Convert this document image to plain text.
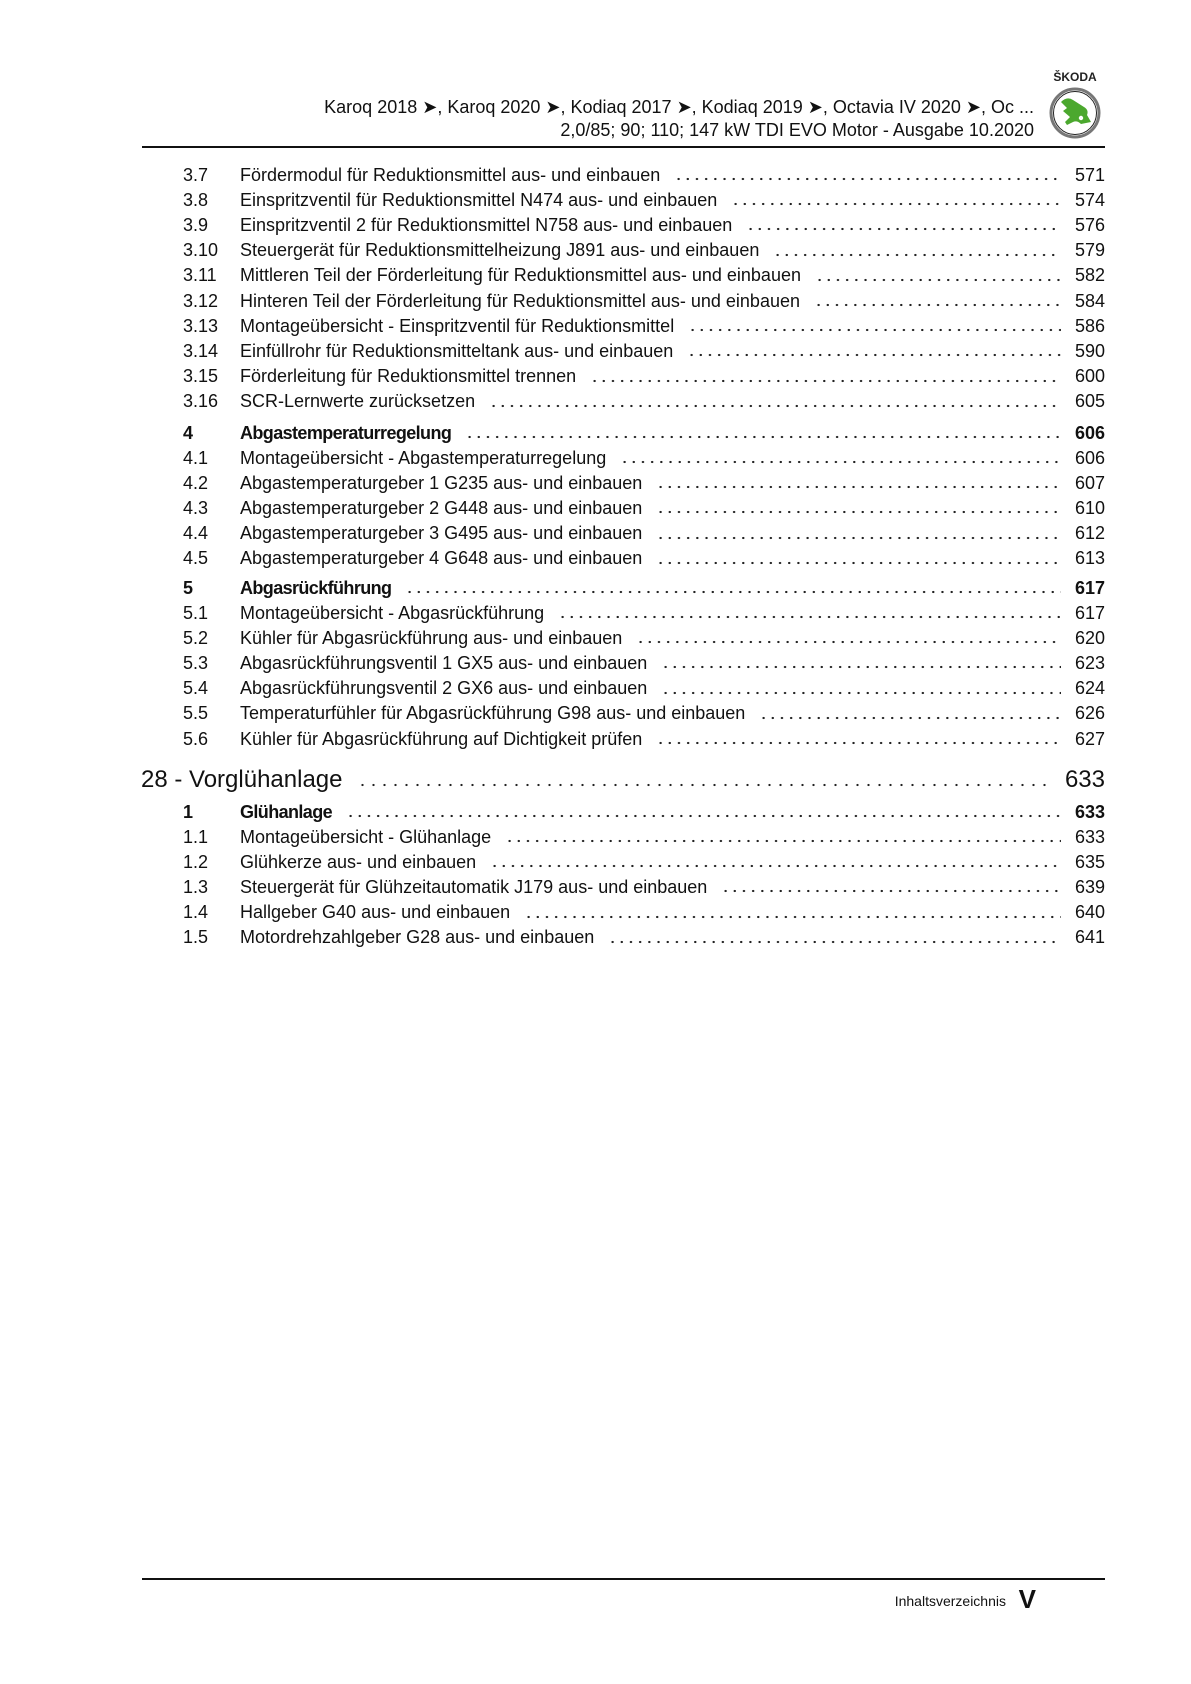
Karoq 2018 ➤, Karoq 2020 ➤, Kodiaq 2017 ➤, Kodiaq 2019 ➤, Octavia IV 2020 ➤, Oc ...
2,0/85; 90; 110; 147 kW TDI EVO Motor - Ausgabe 10.2020
ŠKODA
3.7 Fördermodul für Reduktionsmittel aus- und einbauen	571
3.8 Einspritzventil für Reduktionsmittel N474 aus- und einbauen	574
3.9 Einspritzventil 2 für Reduktionsmittel N758 aus- und einbauen	576
3.10 Steuergerät für Reduktionsmittelheizung J891 aus- und einbauen	579
3.11 Mittleren Teil der Förderleitung für Reduktionsmittel aus- und einbauen	582
3.12 Hinteren Teil der Förderleitung für Reduktionsmittel aus- und einbauen	584
3.13 Montageübersicht - Einspritzventil für Reduktionsmittel	586
3.14 Einfüllrohr für Reduktionsmitteltank aus- und einbauen	590
3.15 Förderleitung für Reduktionsmittel trennen	600
3.16 SCR-Lernwerte zurücksetzen	605
4	Abgastemperaturregelung	606
4.1 Montageübersicht - Abgastemperaturregelung	606
4.2 Abgastemperaturgeber 1 G235 aus- und einbauen	607
4.3 Abgastemperaturgeber 2 G448 aus- und einbauen	610
4.4 Abgastemperaturgeber 3 G495 aus- und einbauen	612
4.5 Abgastemperaturgeber 4 G648 aus- und einbauen	613
5	Abgasrückführung	617
5.1 Montageübersicht - Abgasrückführung	617
5.2 Kühler für Abgasrückführung aus- und einbauen	620
5.3 Abgasrückführungsventil 1 GX5 aus- und einbauen	623
5.4 Abgasrückführungsventil 2 GX6 aus- und einbauen	624
5.5 Temperaturfühler für Abgasrückführung G98 aus- und einbauen	626
5.6 Kühler für Abgasrückführung auf Dichtigkeit prüfen	627
28 - Vorglühanlage	633
1	Glühanlage	633
1.1 Montageübersicht - Glühanlage	633
1.2 Glühkerze aus- und einbauen	635
1.3 Steuergerät für Glühzeitautomatik J179 aus- und einbauen	639
1.4 Hallgeber G40 aus- und einbauen	640
1.5 Motordrehzahlgeber G28 aus- und einbauen	641
Inhaltsverzeichnis V
